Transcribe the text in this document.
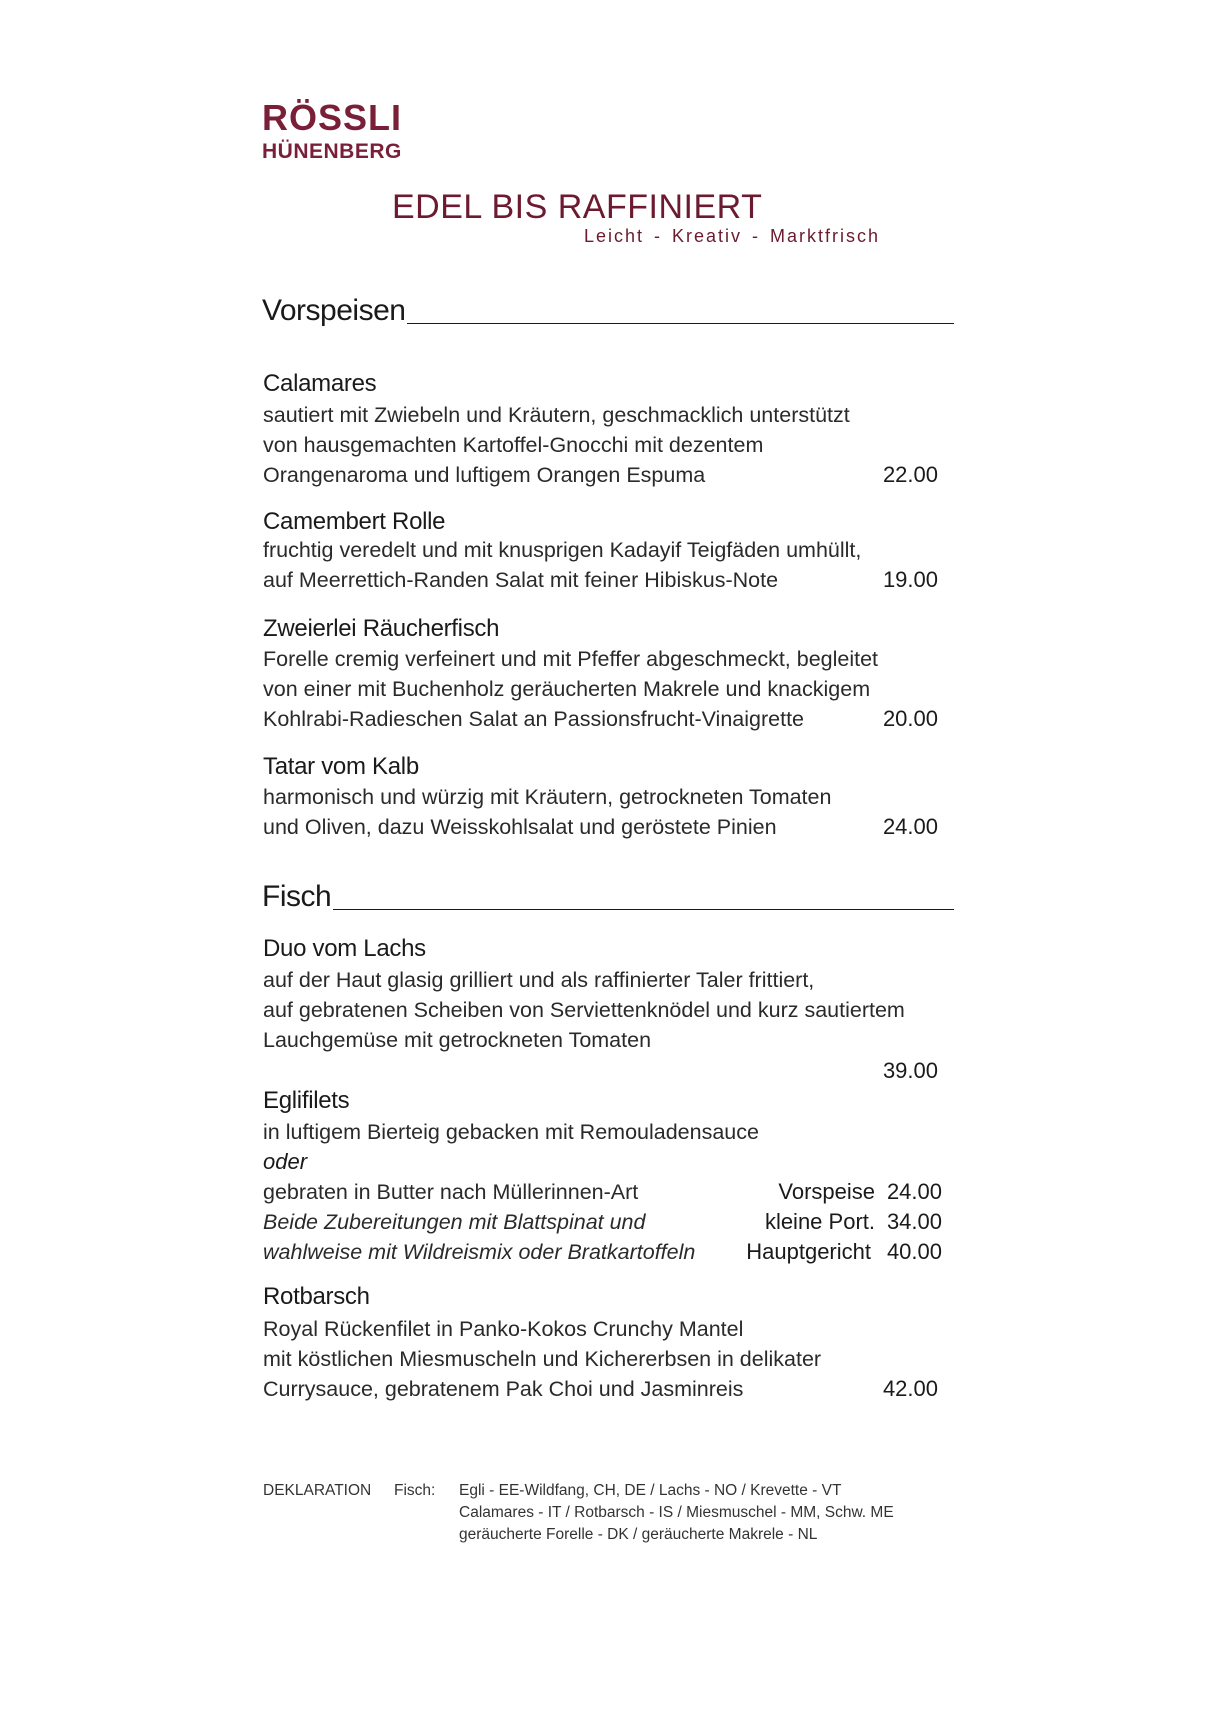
RÖSSLI
HÜNENBERG
EDEL BIS RAFFINIERT
Leicht - Kreativ - Marktfrisch
Vorspeisen
Calamares
sautiert mit Zwiebeln und Kräutern, geschmacklich unterstützt
von hausgemachten Kartoffel-Gnocchi mit dezentem
Orangenaroma und luftigem Orangen Espuma	22.00
Camembert Rolle
fruchtig veredelt und mit knusprigen Kadayif Teigfäden umhüllt,
auf Meerrettich-Randen Salat mit feiner Hibiskus-Note	19.00
Zweierlei Räucherfisch
Forelle cremig verfeinert und mit Pfeffer abgeschmeckt, begleitet
von einer mit Buchenholz geräucherten Makrele und knackigem
Kohlrabi-Radieschen Salat an Passionsfrucht-Vinaigrette	20.00
Tatar vom Kalb
harmonisch und würzig mit Kräutern, getrockneten Tomaten
und Oliven, dazu Weisskohlsalat und geröstete Pinien	24.00
Fisch
Duo vom Lachs
auf der Haut glasig grilliert und als raffinierter Taler frittiert,
auf gebratenen Scheiben von Serviettenknödel und kurz sautiertem
Lauchgemüse mit getrockneten Tomaten
39.00
Eglifilets
in luftigem Bierteig gebacken mit Remouladensauce
oder
gebraten in Butter nach Müllerinnen-Art
Beide Zubereitungen mit Blattspinat und
wahlweise mit Wildreismix oder Bratkartoffeln
Vorspeise 24.00
kleine Port. 34.00
Hauptgericht 40.00
Rotbarsch
Royal Rückenfilet in Panko-Kokos Crunchy Mantel
mit köstlichen Miesmuscheln und Kichererbsen in delikater
Currysauce, gebratenem Pak Choi und Jasminreis	42.00
DEKLARATION Fisch: Egli - EE-Wildfang, CH, DE / Lachs - NO / Krevette - VT
Calamares - IT / Rotbarsch - IS / Miesmuschel - MM, Schw. ME
geräucherte Forelle - DK / geräucherte Makrele - NL
